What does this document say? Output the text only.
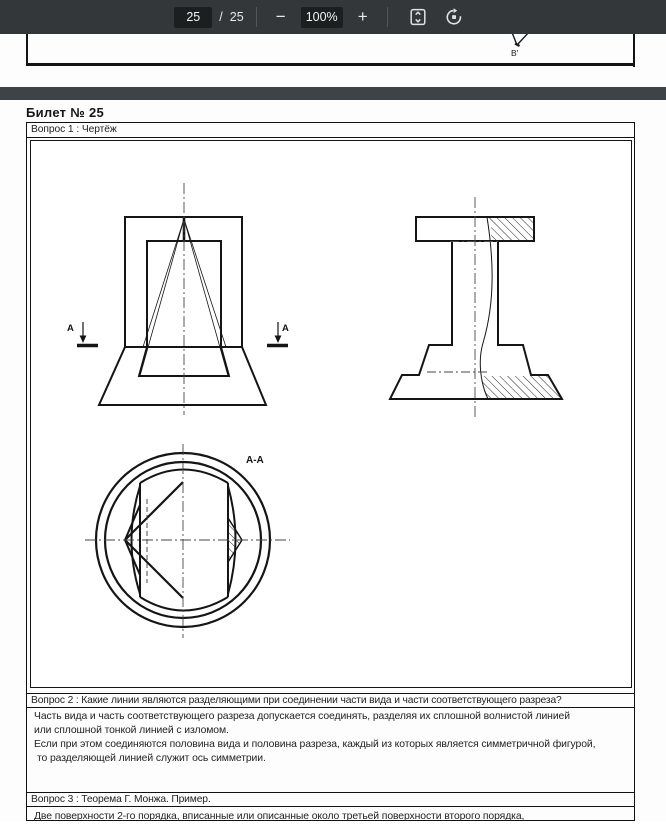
25	/ 25	−	100%	+
В'
Билет № 25
Вопрос 1 : Чертёж
A	A
A-A
Вопрос 2 : Какие линии являются разделяющими при соединении части вида и части соответствующего разреза?
Часть вида и часть соответствующего разреза допускается соединять, разделяя их сплошной волнистой линией
или сплошной тонкой линией с изломом.
Если при этом соединяются половина вида и половина разреза, каждый из которых является симметричной фигурой,
то разделяющей линией служит ось симметрии.
Вопрос 3 : Теорема Г. Монжа. Пример.
Две поверхности 2-го порядка, вписанные или описанные около третьей поверхности второго порядка,
